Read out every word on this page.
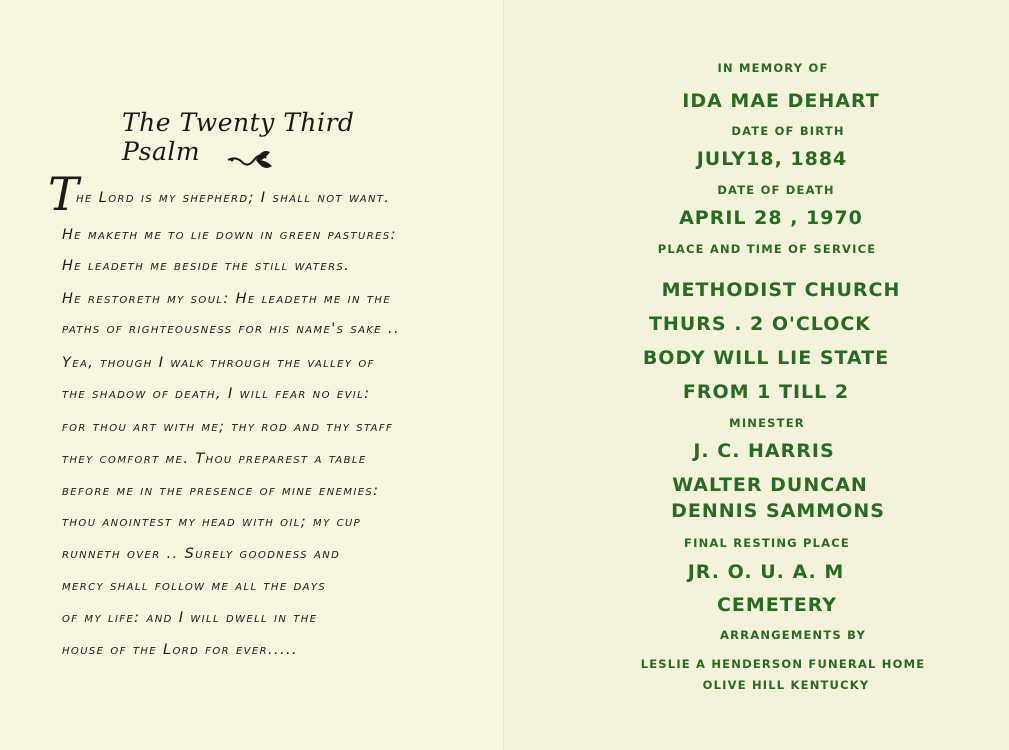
The Twenty Third Psalm
The Lord is my shepherd; I shall not want.
He maketh me to lie down in green pastures:
He leadeth me beside the still waters.
He restoreth my soul: He leadeth me in the
paths of righteousness for his name's sake ..
Yea, though I walk through the valley of
the shadow of death, I will fear no evil:
for thou art with me; thy rod and thy staff
they comfort me. Thou preparest a table
before me in the presence of mine enemies:
thou anointest my head with oil; my cup
runneth over .. Surely goodness and
mercy shall follow me all the days
of my life: and I will dwell in the
house of the Lord for ever.....
IN MEMORY OF
IDA MAE DEHART
DATE OF BIRTH
JULY18, 1884
DATE OF DEATH
APRIL 28 , 1970
PLACE AND TIME OF SERVICE
METHODIST CHURCH
THURS . 2 O'CLOCK
BODY WILL LIE STATE
FROM 1 TILL 2
MINESTER
J. C. HARRIS
WALTER DUNCAN
DENNIS SAMMONS
FINAL RESTING PLACE
JR. O. U. A. M
CEMETERY
ARRANGEMENTS BY
LESLIE A HENDERSON FUNERAL HOME
OLIVE HILL KENTUCKY
